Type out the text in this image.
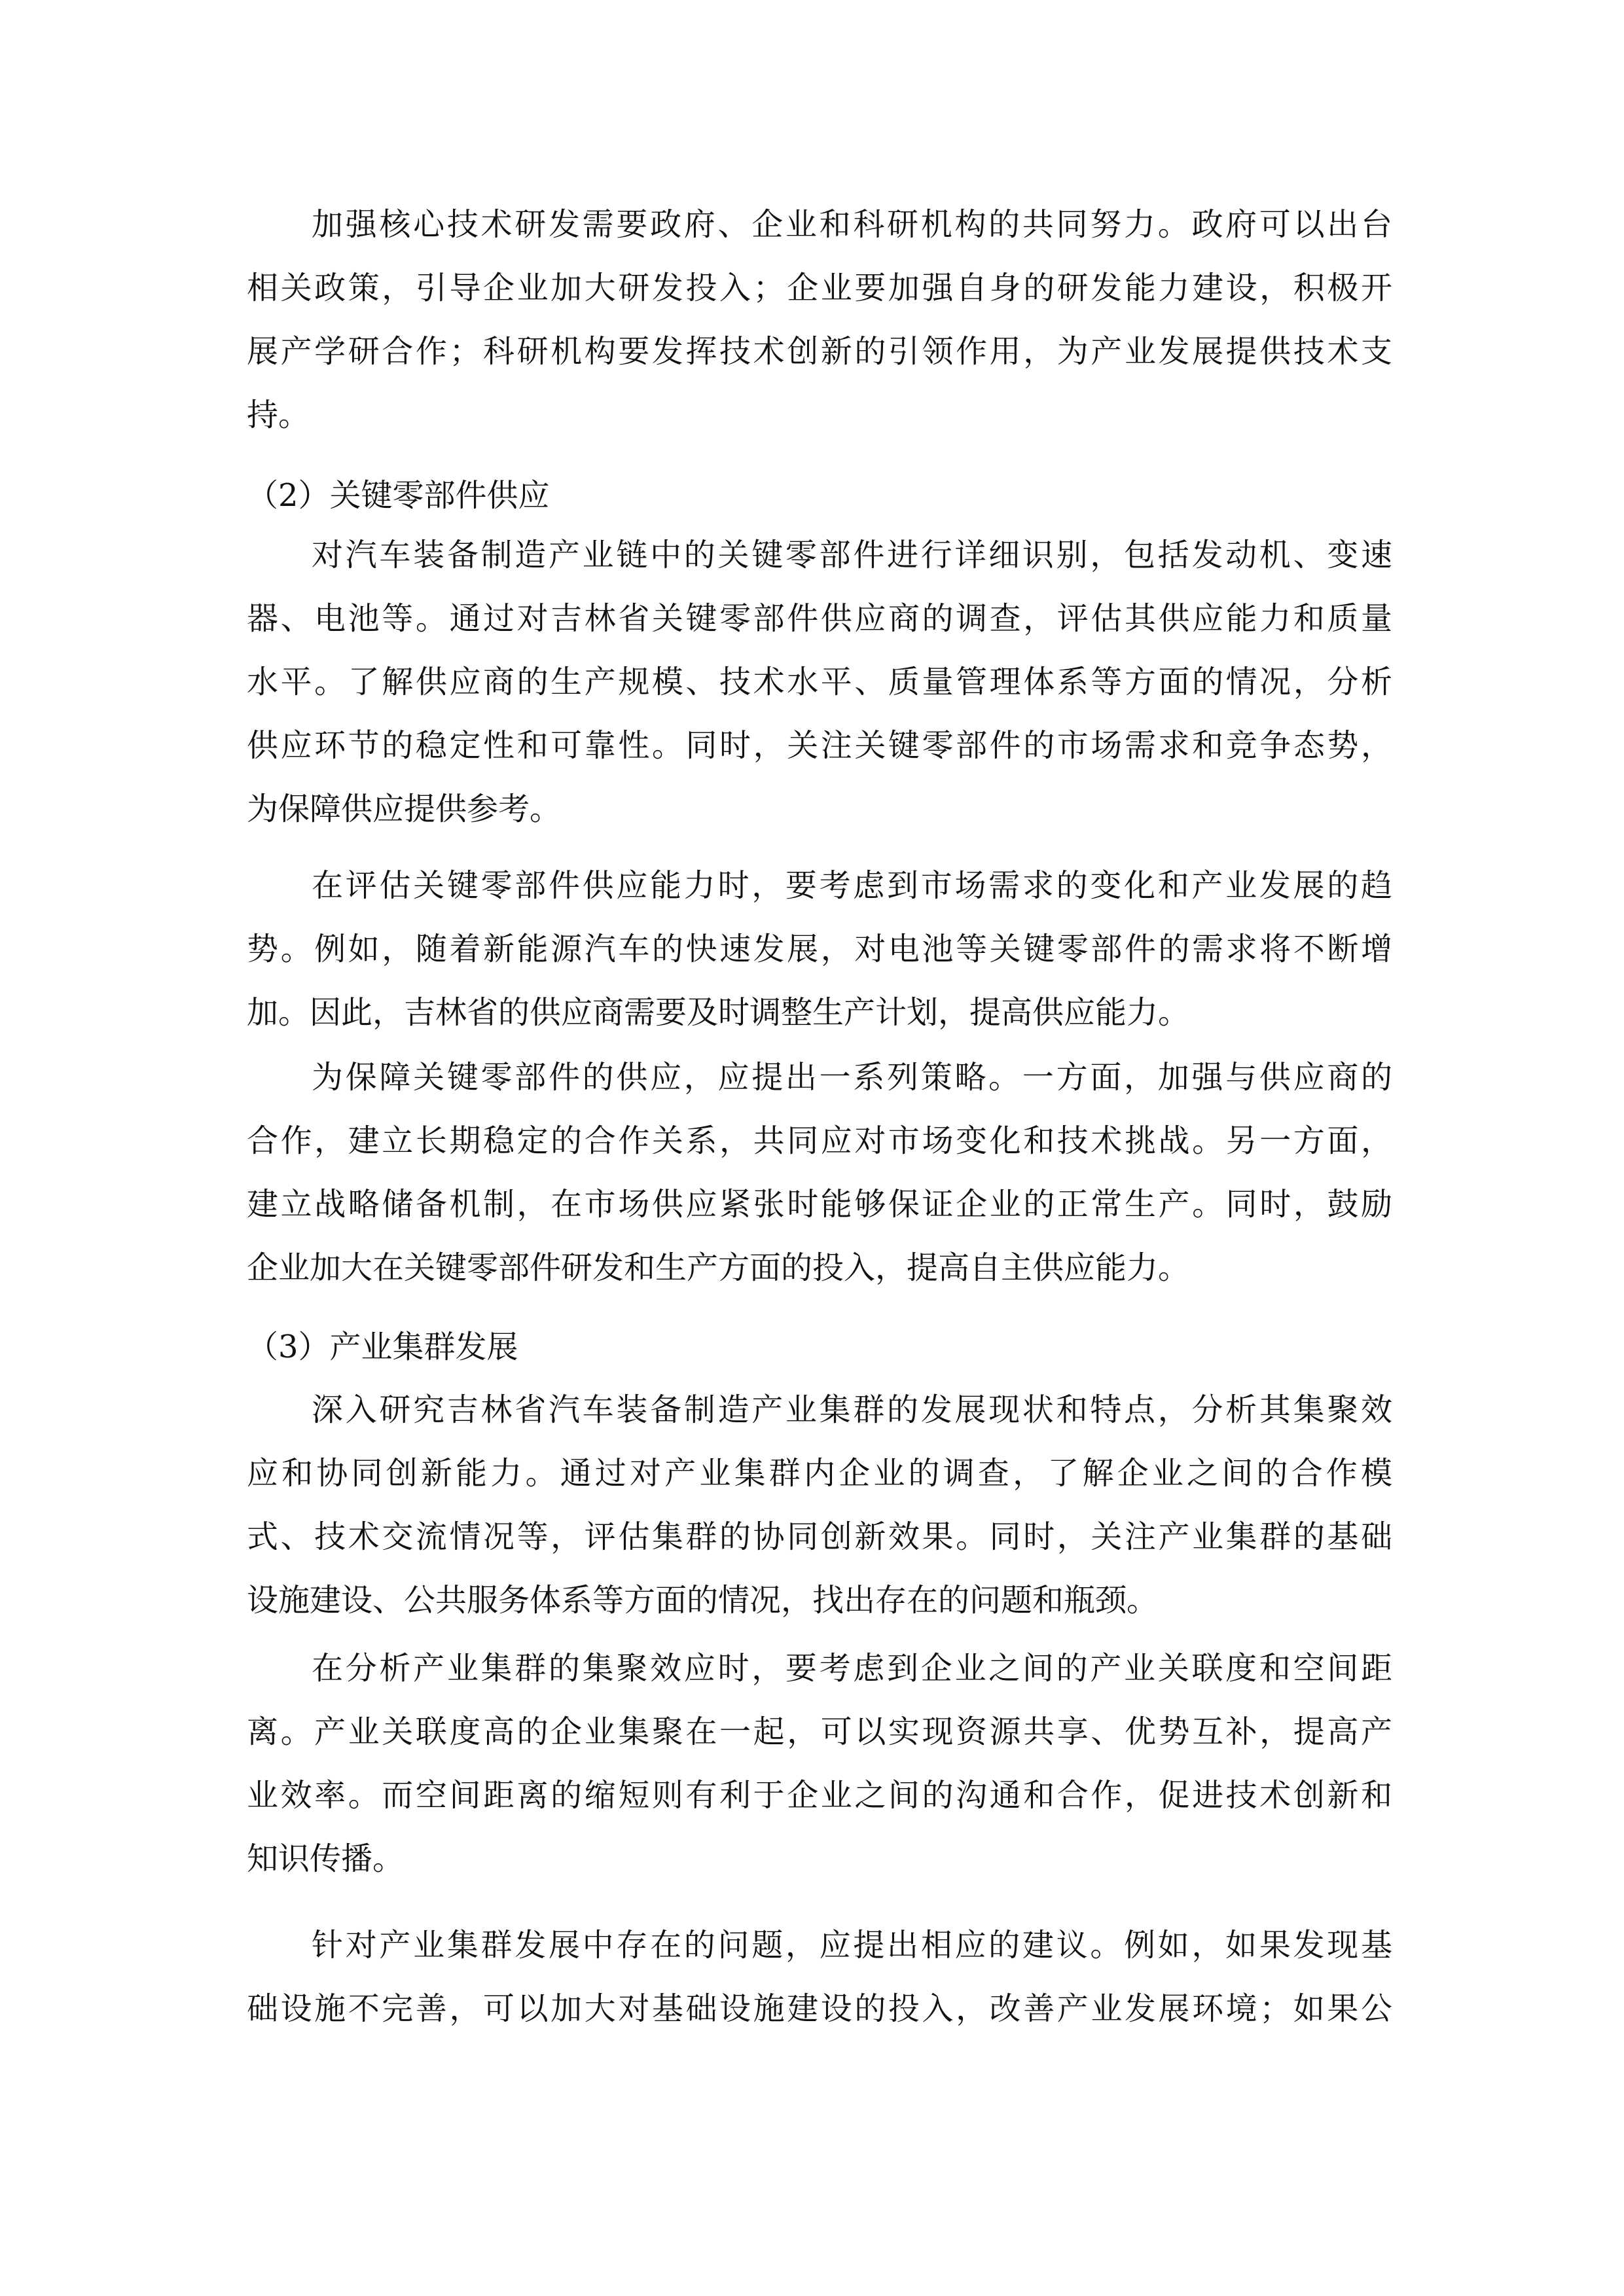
加强核心技术研发需要政府、企业和科研机构的共同努力。政府可以出台
相关政策，引导企业加大研发投入；企业要加强自身的研发能力建设，积极开
展产学研合作；科研机构要发挥技术创新的引领作用，为产业发展提供技术支
持。
（2）关键零部件供应
对汽车装备制造产业链中的关键零部件进行详细识别，包括发动机、变速
器、电池等。通过对吉林省关键零部件供应商的调查，评估其供应能力和质量
水平。了解供应商的生产规模、技术水平、质量管理体系等方面的情况，分析
供应环节的稳定性和可靠性。同时，关注关键零部件的市场需求和竞争态势，
为保障供应提供参考。
在评估关键零部件供应能力时，要考虑到市场需求的变化和产业发展的趋
势。例如，随着新能源汽车的快速发展，对电池等关键零部件的需求将不断增
加。因此，吉林省的供应商需要及时调整生产计划，提高供应能力。
为保障关键零部件的供应，应提出一系列策略。一方面，加强与供应商的
合作，建立长期稳定的合作关系，共同应对市场变化和技术挑战。另一方面，
建立战略储备机制，在市场供应紧张时能够保证企业的正常生产。同时，鼓励
企业加大在关键零部件研发和生产方面的投入，提高自主供应能力。
（3）产业集群发展
深入研究吉林省汽车装备制造产业集群的发展现状和特点，分析其集聚效
应和协同创新能力。通过对产业集群内企业的调查，了解企业之间的合作模
式、技术交流情况等，评估集群的协同创新效果。同时，关注产业集群的基础
设施建设、公共服务体系等方面的情况，找出存在的问题和瓶颈。
在分析产业集群的集聚效应时，要考虑到企业之间的产业关联度和空间距
离。产业关联度高的企业集聚在一起，可以实现资源共享、优势互补，提高产
业效率。而空间距离的缩短则有利于企业之间的沟通和合作，促进技术创新和
知识传播。
针对产业集群发展中存在的问题，应提出相应的建议。例如，如果发现基
础设施不完善，可以加大对基础设施建设的投入，改善产业发展环境；如果公
